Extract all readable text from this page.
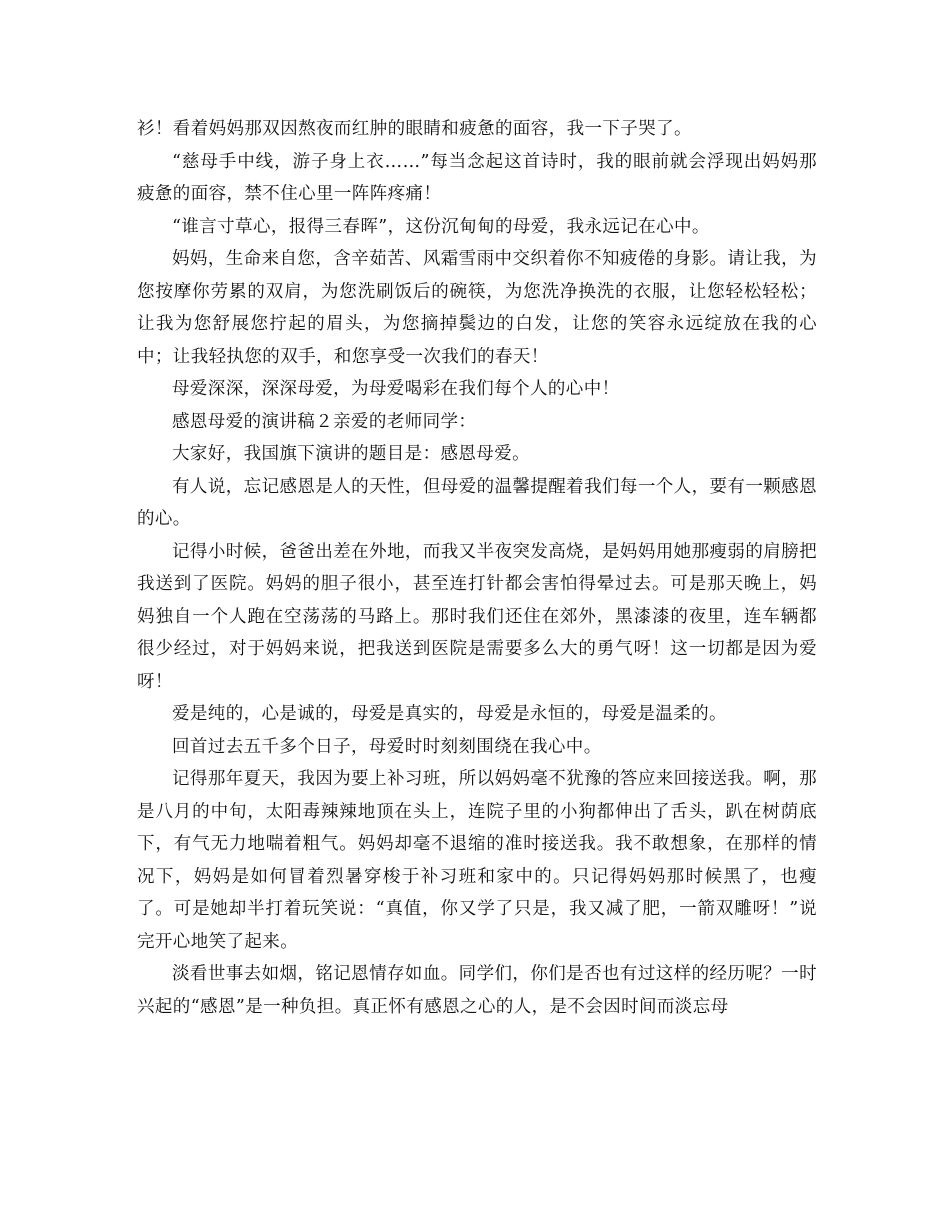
衫！看着妈妈那双因熬夜而红肿的眼睛和疲惫的面容，我一下子哭了。

“慈母手中线，游子身上衣……”每当念起这首诗时，我的眼前就会浮现出妈妈那疲惫的面容，禁不住心里一阵阵疼痛！

“谁言寸草心，报得三春晖”，这份沉甸甸的母爱，我永远记在心中。

妈妈，生命来自您，含辛茹苦、风霜雪雨中交织着你不知疲倦的身影。请让我，为您按摩你劳累的双肩，为您洗刷饭后的碗筷，为您洗净换洗的衣服，让您轻松轻松；让我为您舒展您拧起的眉头，为您摘掉鬓边的白发，让您的笑容永远绽放在我的心中；让我轻执您的双手，和您享受一次我们的春天！

母爱深深，深深母爱，为母爱喝彩在我们每个人的心中！

感恩母爱的演讲稿２亲爱的老师同学：

大家好，我国旗下演讲的题目是：感恩母爱。

有人说，忘记感恩是人的天性，但母爱的温馨提醒着我们每一个人，要有一颗感恩的心。

记得小时候，爸爸出差在外地，而我又半夜突发高烧，是妈妈用她那瘦弱的肩膀把我送到了医院。妈妈的胆子很小，甚至连打针都会害怕得晕过去。可是那天晚上，妈妈独自一个人跑在空荡荡的马路上。那时我们还住在郊外，黑漆漆的夜里，连车辆都很少经过，对于妈妈来说，把我送到医院是需要多么大的勇气呀！这一切都是因为爱呀！

爱是纯的，心是诚的，母爱是真实的，母爱是永恒的，母爱是温柔的。

回首过去五千多个日子，母爱时时刻刻围绕在我心中。

记得那年夏天，我因为要上补习班，所以妈妈毫不犹豫的答应来回接送我。啊，那是八月的中旬，太阳毒辣辣地顶在头上，连院子里的小狗都伸出了舌头，趴在树荫底下，有气无力地喘着粗气。妈妈却毫不退缩的准时接送我。我不敢想象，在那样的情况下，妈妈是如何冒着烈暑穿梭于补习班和家中的。只记得妈妈那时候黑了，也瘦了。可是她却半打着玩笑说：“真值，你又学了只是，我又减了肥，一箭双雕呀！”说完开心地笑了起来。

淡看世事去如烟，铭记恩情存如血。同学们，你们是否也有过这样的经历呢？一时兴起的“感恩”是一种负担。真正怀有感恩之心的人，是不会因时间而淡忘母
